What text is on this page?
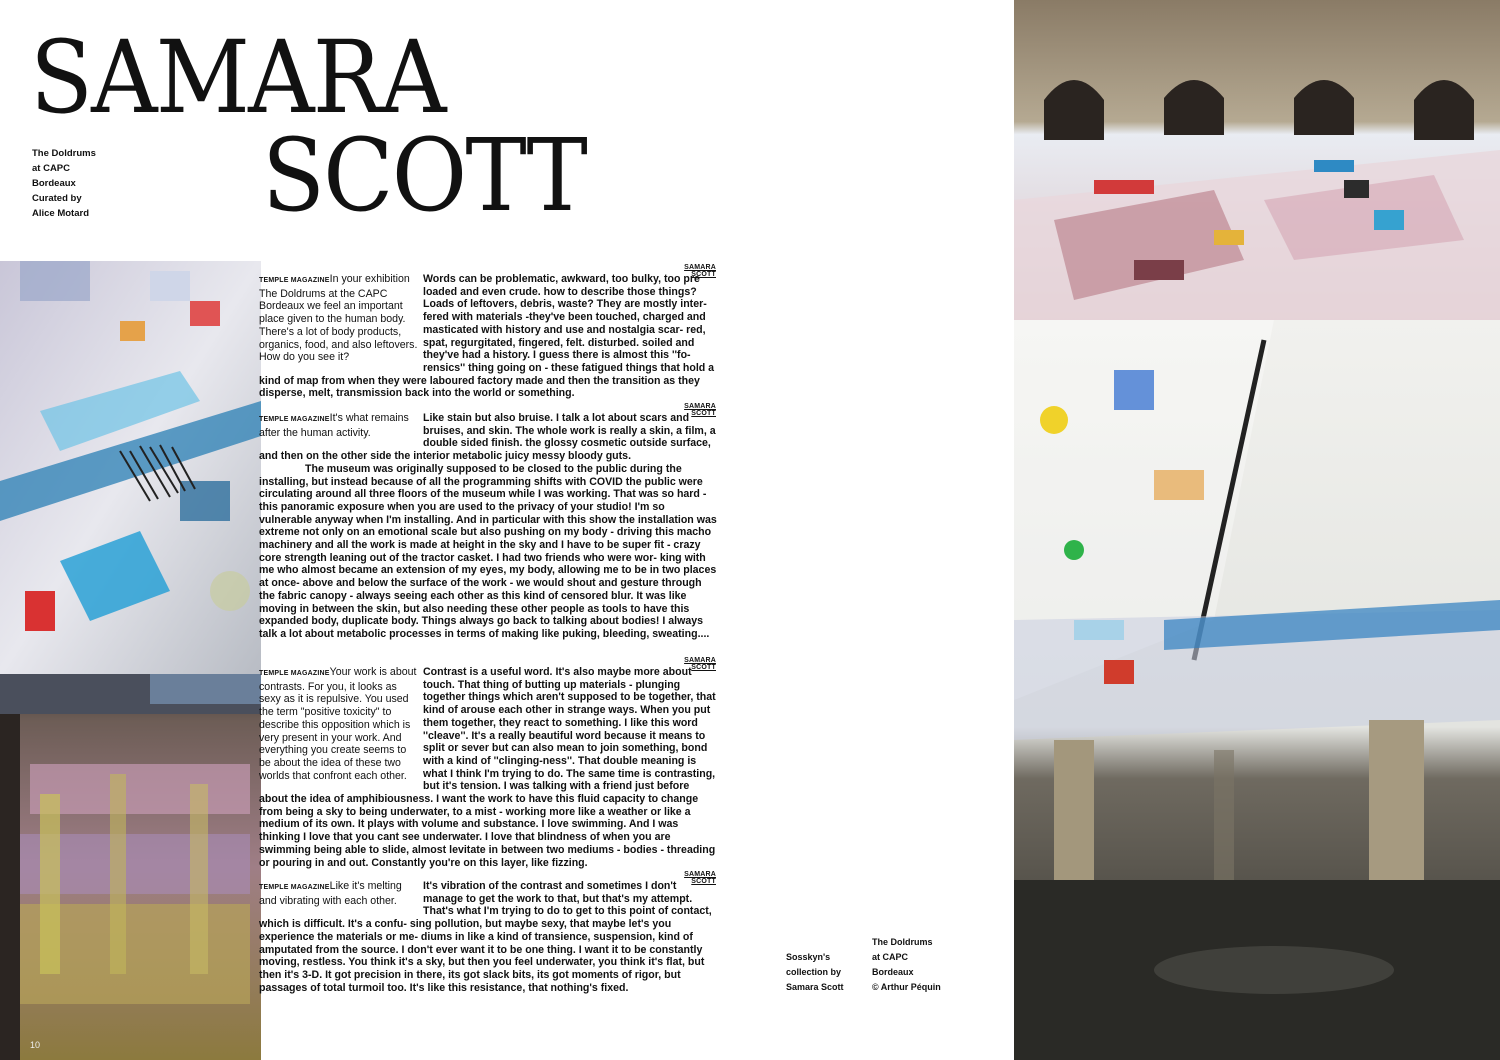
SAMARA
SCOTT
The Doldrums
at CAPC
Bordeaux
Curated by
Alice Motard
SAMARA SCOTT
TEMPLE MAGAZINEIn your exhibition The Doldrums at the CAPC Bordeaux we feel an important place given to the human body. There's a lot of body products, organics, food, and also leftovers. How do you see it?
Words can be problematic, awkward, too bulky, too pre loaded and even crude. how to describe those things? Loads of leftovers, debris, waste? They are mostly inter- fered with materials -they've been touched, charged and masticated with history and use and nostalgia scar- red, spat, regurgitated, fingered, felt. disturbed. soiled and they've had a history. I guess there is almost this ''fo- rensics'' thing going on - these fatigued things that hold a kind of map from when they were laboured factory made and then the transition as they disperse, melt, transmission back into the world or something.
SAMARA SCOTT
TEMPLE MAGAZINEIt's what remains after the human activity.
Like stain but also bruise. I talk a lot about scars and bruises, and skin. The whole work is really a skin, a film, a double sided finish. the glossy cosmetic outside surface, and then on the other side the interior metabolic juicy messy bloody guts.

The museum was originally supposed to be closed to the public during the installing, but instead because of all the programming shifts with COVID the public were circulating around all three floors of the museum while I was working. That was so hard - this panoramic exposure when you are used to the privacy of your studio! I'm so vulnerable anyway when I'm installing. And in particular with this show the installation was extreme not only on an emotional scale but also pushing on my body - driving this macho machinery and all the work is made at height in the sky and I have to be super fit - crazy core strength leaning out of the tractor casket. I had two friends who were wor- king with me who almost became an extension of my eyes, my body, allowing me to be in two places at once- above and below the surface of the work - we would shout and gesture through the fabric canopy - always seeing each other as this kind of censored blur. It was like moving in between the skin, but also needing these other people as tools to have this expanded body, duplicate body. Things always go back to talking about bodies! I always talk a lot about metabolic processes in terms of making like puking, bleeding, sweating....

SAMARA SCOTT
TEMPLE MAGAZINEYour work is about contrasts. For you, it looks as sexy as it is repulsive. You used the term "positive toxicity" to describe this opposition which is very present in your work. And everything you create seems to be about the idea of these two worlds that confront each other.
Contrast is a useful word. It's also maybe more about touch. That thing of butting up materials - plunging together things which aren't supposed to be together, that kind of arouse each other in strange ways. When you put them together, they react to something. I like this word ''cleave''. It's a really beautiful word because it means to split or sever but can also mean to join something, bond with a kind of ''clinging-ness''. That double meaning is what I think I'm trying to do. The same time is contrasting, but it's tension. I was talking with a friend just before about the idea of amphibiousness. I want the work to have this fluid capacity to change from being a sky to being underwater, to a mist - working more like a weather or like a medium of its own. It plays with volume and substance. I love swimming. And I was thinking I love that you cant see underwater. I love that blindness of when you are swimming being able to slide, almost levitate in between two mediums - bodies - threading or pouring in and out. Constantly you're on this layer, like fizzing.
SAMARA SCOTT
TEMPLE MAGAZINELike it's melting and vibrating with each other.
It's vibration of the contrast and sometimes I don't manage to get the work to that, but that's my attempt. That's what I'm trying to do to get to this point of contact, which is difficult. It's a confu- sing pollution, but maybe sexy, that maybe let's you experience the materials or me- diums in like a kind of transience, suspension, kind of amputated from the source. I don't ever want it to be one thing. I want it to be constantly moving, restless. You think it's a sky, but then you feel underwater, you think it's flat, but then it's 3-D. It got precision in there, its got slack bits, its got moments of rigor, but passages of total turmoil too. It's like this resistance, that nothing's fixed.
Sosskyn's
collection by
Samara Scott
The Doldrums
at CAPC
Bordeaux
© Arthur Péquin
10
